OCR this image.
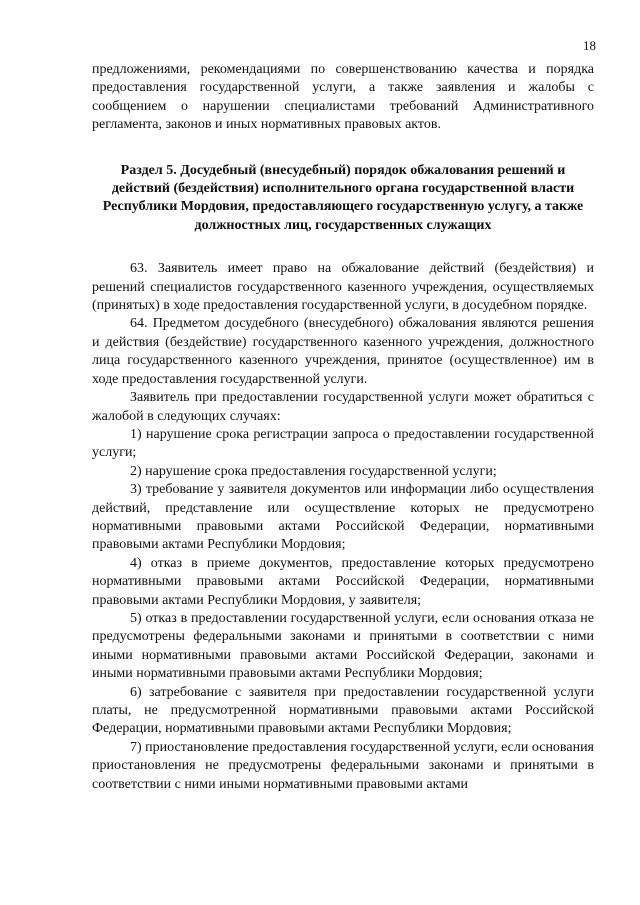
18

предложениями, рекомендациями по совершенствованию качества и порядка предоставления государственной услуги, а также заявления и жалобы с сообщением о нарушении специалистами требований Административного регламента, законов и иных нормативных правовых актов.

Раздел 5. Досудебный (внесудебный) порядок обжалования решений и действий (бездействия) исполнительного органа государственной власти Республики Мордовия, предоставляющего государственную услугу, а также должностных лиц, государственных служащих

63. Заявитель имеет право на обжалование действий (бездействия) и решений специалистов государственного казенного учреждения, осуществляемых (принятых) в ходе предоставления государственной услуги, в досудебном порядке.

64. Предметом досудебного (внесудебного) обжалования являются решения и действия (бездействие) государственного казенного учреждения, должностного лица государственного казенного учреждения, принятое (осуществленное) им в ходе предоставления государственной услуги.

Заявитель при предоставлении государственной услуги может обратиться с жалобой в следующих случаях:

1) нарушение срока регистрации запроса о предоставлении государственной услуги;

2) нарушение срока предоставления государственной услуги;

3) требование у заявителя документов или информации либо осуществления действий, представление или осуществление которых не предусмотрено нормативными правовыми актами Российской Федерации, нормативными правовыми актами Республики Мордовия;

4) отказ в приеме документов, предоставление которых предусмотрено нормативными правовыми актами Российской Федерации, нормативными правовыми актами Республики Мордовия, у заявителя;

5) отказ в предоставлении государственной услуги, если основания отказа не предусмотрены федеральными законами и принятыми в соответствии с ними иными нормативными правовыми актами Российской Федерации, законами и иными нормативными правовыми актами Республики Мордовия;

6) затребование с заявителя при предоставлении государственной услуги платы, не предусмотренной нормативными правовыми актами Российской Федерации, нормативными правовыми актами Республики Мордовия;

7) приостановление предоставления государственной услуги, если основания приостановления не предусмотрены федеральными законами и принятыми в соответствии с ними иными нормативными правовыми актами
